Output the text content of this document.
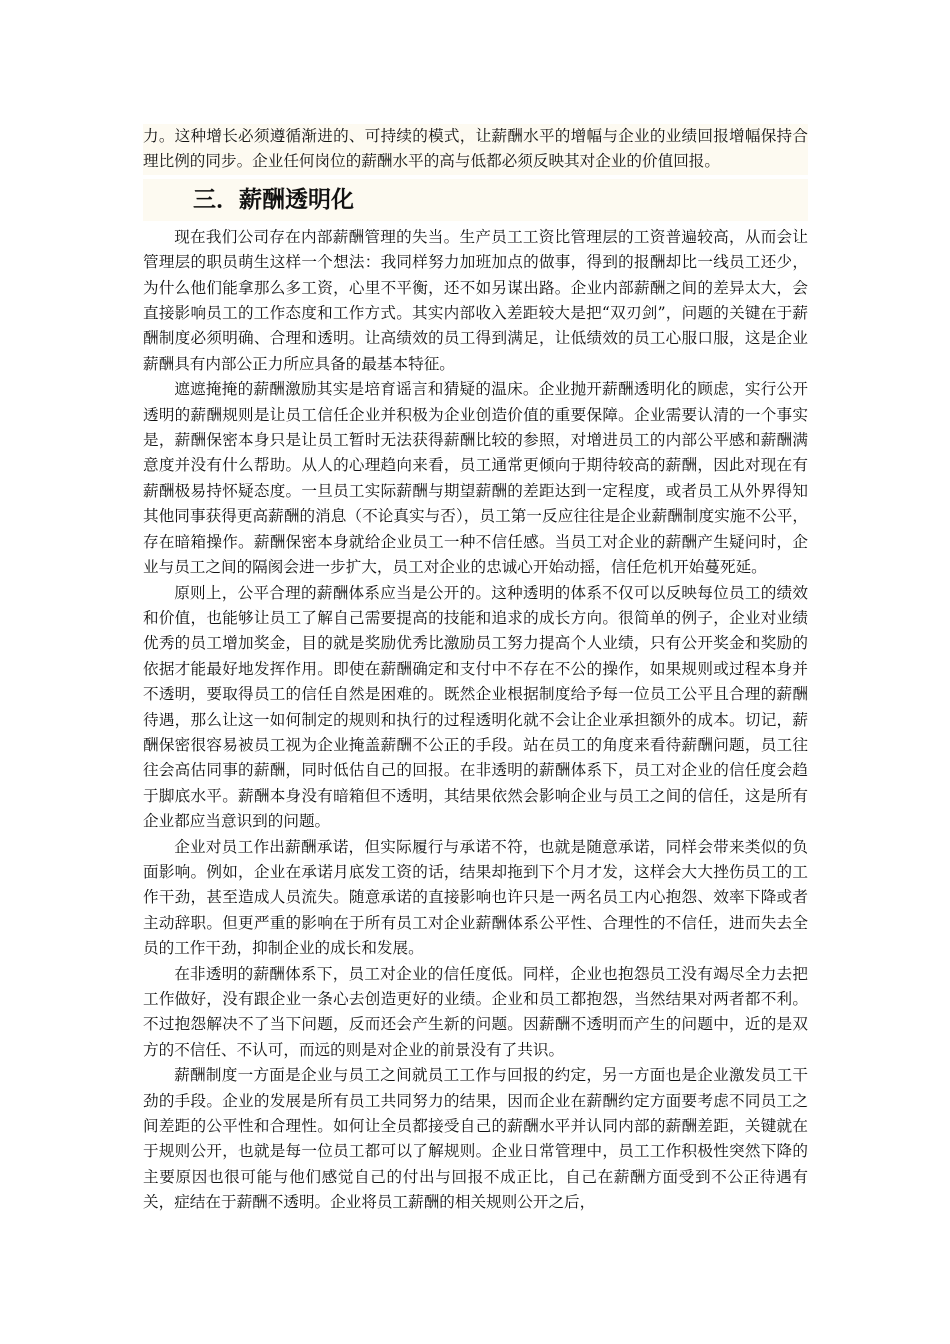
力。这种增长必须遵循渐进的、可持续的模式，让薪酬水平的增幅与企业的业绩回报增幅保持合理比例的同步。企业任何岗位的薪酬水平的高与低都必须反映其对企业的价值回报。

三．薪酬透明化

现在我们公司存在内部薪酬管理的失当。生产员工工资比管理层的工资普遍较高，从而会让管理层的职员萌生这样一个想法：我同样努力加班加点的做事，得到的报酬却比一线员工还少，为什么他们能拿那么多工资，心里不平衡，还不如另谋出路。企业内部薪酬之间的差异太大，会直接影响员工的工作态度和工作方式。其实内部收入差距较大是把“双刃剑”，问题的关键在于薪酬制度必须明确、合理和透明。让高绩效的员工得到满足，让低绩效的员工心服口服，这是企业薪酬具有内部公正力所应具备的最基本特征。

遮遮掩掩的薪酬激励其实是培育谣言和猜疑的温床。企业抛开薪酬透明化的顾虑，实行公开透明的薪酬规则是让员工信任企业并积极为企业创造价值的重要保障。企业需要认清的一个事实是，薪酬保密本身只是让员工暂时无法获得薪酬比较的参照，对增进员工的内部公平感和薪酬满意度并没有什么帮助。从人的心理趋向来看，员工通常更倾向于期待较高的薪酬，因此对现在有薪酬极易持怀疑态度。一旦员工实际薪酬与期望薪酬的差距达到一定程度，或者员工从外界得知其他同事获得更高薪酬的消息（不论真实与否），员工第一反应往往是企业薪酬制度实施不公平，存在暗箱操作。薪酬保密本身就给企业员工一种不信任感。当员工对企业的薪酬产生疑问时，企业与员工之间的隔阂会进一步扩大，员工对企业的忠诚心开始动摇，信任危机开始蔓死延。

原则上，公平合理的薪酬体系应当是公开的。这种透明的体系不仅可以反映每位员工的绩效和价值，也能够让员工了解自己需要提高的技能和追求的成长方向。很简单的例子，企业对业绩优秀的员工增加奖金，目的就是奖励优秀比激励员工努力提高个人业绩，只有公开奖金和奖励的依据才能最好地发挥作用。即使在薪酬确定和支付中不存在不公的操作，如果规则或过程本身并不透明，要取得员工的信任自然是困难的。既然企业根据制度给予每一位员工公平且合理的薪酬待遇，那么让这一如何制定的规则和执行的过程透明化就不会让企业承担额外的成本。切记，薪酬保密很容易被员工视为企业掩盖薪酬不公正的手段。站在员工的角度来看待薪酬问题，员工往往会高估同事的薪酬，同时低估自己的回报。在非透明的薪酬体系下，员工对企业的信任度会趋于脚底水平。薪酬本身没有暗箱但不透明，其结果依然会影响企业与员工之间的信任，这是所有企业都应当意识到的问题。

企业对员工作出薪酬承诺，但实际履行与承诺不符，也就是随意承诺，同样会带来类似的负面影响。例如，企业在承诺月底发工资的话，结果却拖到下个月才发，这样会大大挫伤员工的工作干劲，甚至造成人员流失。随意承诺的直接影响也许只是一两名员工内心抱怨、效率下降或者主动辞职。但更严重的影响在于所有员工对企业薪酬体系公平性、合理性的不信任，进而失去全员的工作干劲，抑制企业的成长和发展。

在非透明的薪酬体系下，员工对企业的信任度低。同样，企业也抱怨员工没有竭尽全力去把工作做好，没有跟企业一条心去创造更好的业绩。企业和员工都抱怨，当然结果对两者都不利。不过抱怨解决不了当下问题，反而还会产生新的问题。因薪酬不透明而产生的问题中，近的是双方的不信任、不认可，而远的则是对企业的前景没有了共识。

薪酬制度一方面是企业与员工之间就员工工作与回报的约定，另一方面也是企业激发员工干劲的手段。企业的发展是所有员工共同努力的结果，因而企业在薪酬约定方面要考虑不同员工之间差距的公平性和合理性。如何让全员都接受自己的薪酬水平并认同内部的薪酬差距，关键就在于规则公开，也就是每一位员工都可以了解规则。企业日常管理中，员工工作积极性突然下降的主要原因也很可能与他们感觉自己的付出与回报不成正比，自己在薪酬方面受到不公正待遇有关，症结在于薪酬不透明。企业将员工薪酬的相关规则公开之后，
